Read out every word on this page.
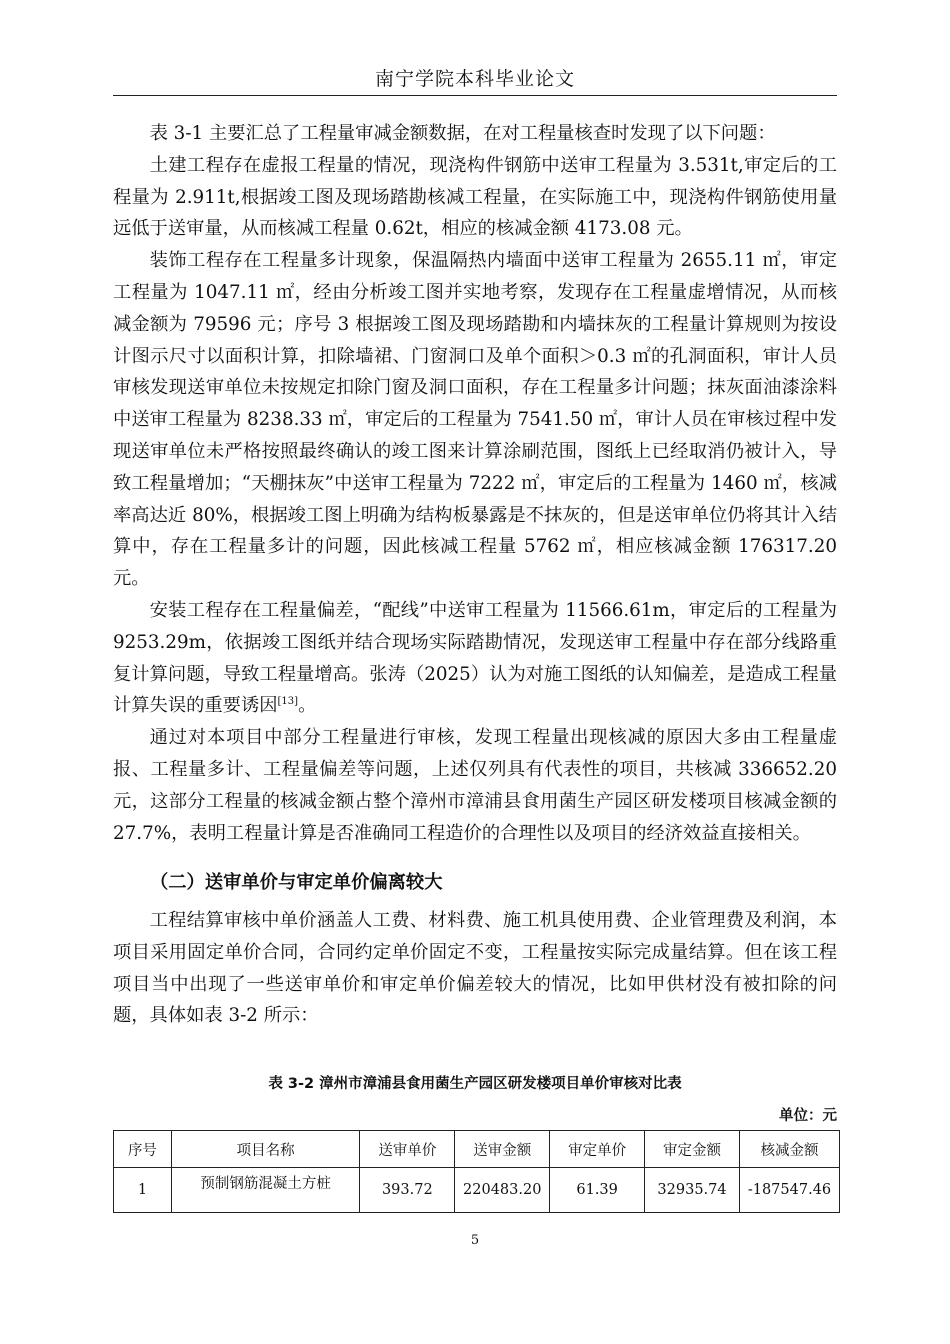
南宁学院本科毕业论文

表 3-1 主要汇总了工程量审减金额数据，在对工程量核查时发现了以下问题：

土建工程存在虚报工程量的情况，现浇构件钢筋中送审工程量为 3.531t,审定后的工程量为 2.911t,根据竣工图及现场踏勘核减工程量，在实际施工中，现浇构件钢筋使用量远低于送审量，从而核减工程量 0.62t，相应的核减金额 4173.08 元。

装饰工程存在工程量多计现象，保温隔热内墙面中送审工程量为 2655.11 ㎡，审定工程量为 1047.11 ㎡，经由分析竣工图并实地考察，发现存在工程量虚增情况，从而核减金额为 79596 元；序号 3 根据竣工图及现场踏勘和内墙抹灰的工程量计算规则为按设计图示尺寸以面积计算，扣除墙裙、门窗洞口及单个面积＞0.3 ㎡的孔洞面积，审计人员审核发现送审单位未按规定扣除门窗及洞口面积，存在工程量多计问题；抹灰面油漆涂料中送审工程量为 8238.33 ㎡，审定后的工程量为 7541.50 ㎡，审计人员在审核过程中发现送审单位未严格按照最终确认的竣工图来计算涂刷范围，图纸上已经取消仍被计入，导致工程量增加；“天棚抹灰”中送审工程量为 7222 ㎡，审定后的工程量为 1460 ㎡，核减率高达近 80%，根据竣工图上明确为结构板暴露是不抹灰的，但是送审单位仍将其计入结算中，存在工程量多计的问题，因此核减工程量 5762 ㎡，相应核减金额 176317.20 元。

安装工程存在工程量偏差，“配线”中送审工程量为 11566.61m，审定后的工程量为 9253.29m，依据竣工图纸并结合现场实际踏勘情况，发现送审工程量中存在部分线路重复计算问题，导致工程量增高。张涛（2025）认为对施工图纸的认知偏差，是造成工程量计算失误的重要诱因[13]。

通过对本项目中部分工程量进行审核，发现工程量出现核减的原因大多由工程量虚报、工程量多计、工程量偏差等问题，上述仅列具有代表性的项目，共核减 336652.20 元，这部分工程量的核减金额占整个漳州市漳浦县食用菌生产园区研发楼项目核减金额的 27.7%，表明工程量计算是否准确同工程造价的合理性以及项目的经济效益直接相关。

（二）送审单价与审定单价偏离较大

工程结算审核中单价涵盖人工费、材料费、施工机具使用费、企业管理费及利润，本项目采用固定单价合同，合同约定单价固定不变，工程量按实际完成量结算。但在该工程项目当中出现了一些送审单价和审定单价偏差较大的情况，比如甲供材没有被扣除的问题，具体如表 3-2 所示：

表 3-2 漳州市漳浦县食用菌生产园区研发楼项目单价审核对比表
单位：元
序号	项目名称	送审单价	送审金额	审定单价	审定金额	核减金额
1	预制钢筋混凝土方桩	393.72	220483.20	61.39	32935.74	-187547.46
5
